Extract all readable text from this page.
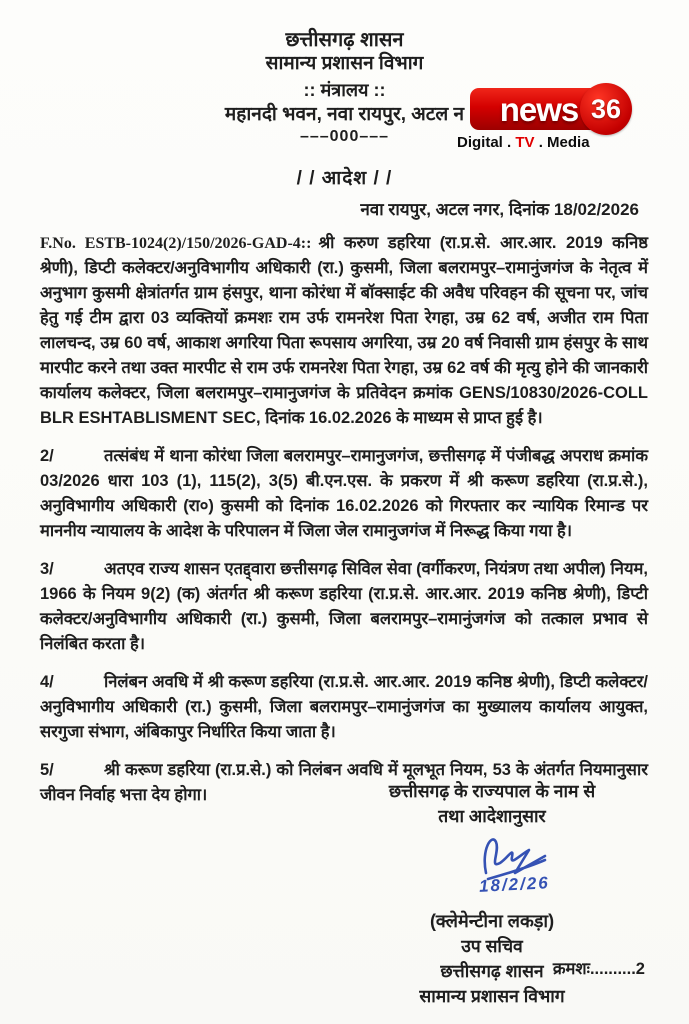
छत्तीसगढ़ शासन
सामान्य प्रशासन विभाग
:: मंत्रालय ::
महानदी भवन, नवा रायपुर, अटल न
–––000–––
news 36
Digital . TV . Media
/ / आदेश / /
नवा रायपुर, अटल नगर, दिनांक 18/02/2026

F.No. ESTB-1024(2)/150/2026-GAD-4:: श्री करुण डहरिया (रा.प्र.से. आर.आर. 2019 कनिष्ठ श्रेणी), डिप्टी कलेक्टर/अनुविभागीय अधिकारी (रा.) कुसमी, जिला बलरामपुर–रामानुंजगंज के नेतृत्व में अनुभाग कुसमी क्षेत्रांतर्गत ग्राम हंसपुर, थाना कोरंधा में बॉक्साईट की अवैध परिवहन की सूचना पर, जांच हेतु गई टीम द्वारा 03 व्यक्तियों क्रमशः राम उर्फ रामनरेश पिता रेगहा, उम्र 62 वर्ष, अजीत राम पिता लालचन्द, उम्र 60 वर्ष, आकाश अगरिया पिता रूपसाय अगरिया, उम्र 20 वर्ष निवासी ग्राम हंसपुर के साथ मारपीट करने तथा उक्त मारपीट से राम उर्फ रामनरेश पिता रेगहा, उम्र 62 वर्ष की मृत्यु होने की जानकारी कार्यालय कलेक्टर, जिला बलरामपुर–रामानुजगंज के प्रतिवेदन क्रमांक GENS/10830/2026-COLL BLR ESHTABLISMENT SEC, दिनांक 16.02.2026 के माध्यम से प्राप्त हुई है।

2/	तत्संबंध में थाना कोरंधा जिला बलरामपुर–रामानुजगंज, छत्तीसगढ़ में पंजीबद्ध अपराध क्रमांक 03/2026 धारा 103 (1), 115(2), 3(5) बी.एन.एस. के प्रकरण में श्री करूण डहरिया (रा.प्र.से.), अनुविभागीय अधिकारी (रा०) कुसमी को दिनांक 16.02.2026 को गिरफ्तार कर न्यायिक रिमान्ड पर माननीय न्यायालय के आदेश के परिपालन में जिला जेल रामानुजगंज में निरूद्ध किया गया है।

3/	अतएव राज्य शासन एतद्द्वारा छत्तीसगढ़ सिविल सेवा (वर्गीकरण, नियंत्रण तथा अपील) नियम, 1966 के नियम 9(2) (क) अंतर्गत श्री करूण डहरिया (रा.प्र.से. आर.आर. 2019 कनिष्ठ श्रेणी), डिप्टी कलेक्टर/अनुविभागीय अधिकारी (रा.) कुसमी, जिला बलरामपुर–रामानुंजगंज को तत्काल प्रभाव से निलंबित करता है।

4/	निलंबन अवधि में श्री करूण डहरिया (रा.प्र.से. आर.आर. 2019 कनिष्ठ श्रेणी), डिप्टी कलेक्टर/अनुविभागीय अधिकारी (रा.) कुसमी, जिला बलरामपुर–रामानुंजगंज का मुख्यालय कार्यालय आयुक्त, सरगुजा संभाग, अंबिकापुर निर्धारित किया जाता है।

5/	श्री करूण डहरिया (रा.प्र.से.) को निलंबन अवधि में मूलभूत नियम, 53 के अंतर्गत नियमानुसार जीवन निर्वाह भत्ता देय होगा।	छत्तीसगढ़ के राज्यपाल के नाम से
तथा आदेशानुसार
18/2/26
(क्लेमेन्टीना लकड़ा)
उप सचिव
छत्तीसगढ़ शासन
सामान्य प्रशासन विभाग
क्रमशः..........2
